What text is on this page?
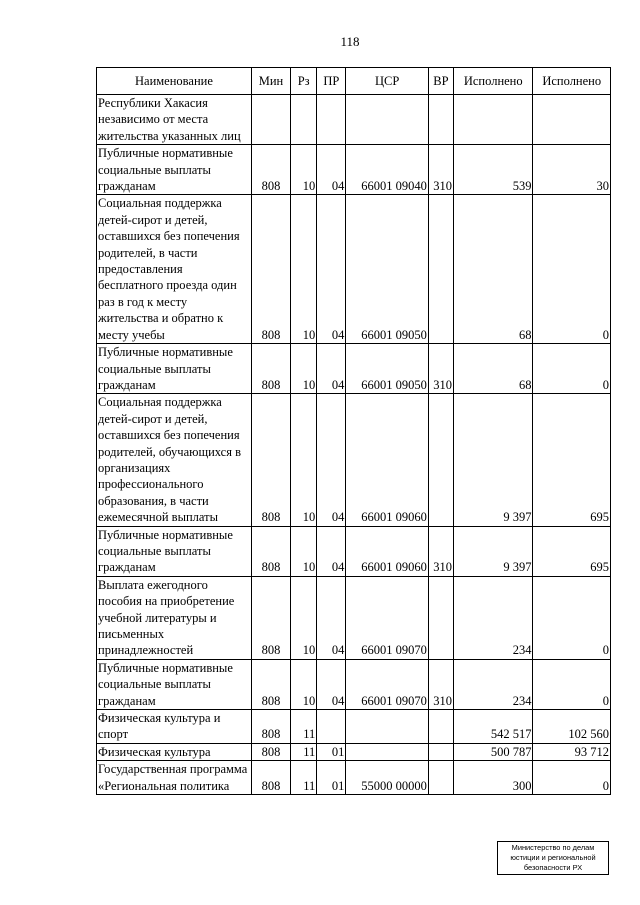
118
Наименование	Мин	Рз	ПР	ЦСР	ВР	Исполнено	Исполнено
Республики Хакасия независимо от места жительства указанных лиц							
Публичные нормативные социальные выплаты гражданам	808	10	04	66001 09040	310	539	30
Социальная поддержка детей-сирот и детей, оставшихся без попечения родителей, в части предоставления бесплатного проезда один раз в год к месту жительства и обратно к месту учебы	808	10	04	66001 09050		68	0
Публичные нормативные социальные выплаты гражданам	808	10	04	66001 09050	310	68	0
Социальная поддержка детей-сирот и детей, оставшихся без попечения родителей, обучающихся в организациях профессионального образования, в части ежемесячной выплаты	808	10	04	66001 09060		9 397	695
Публичные нормативные социальные выплаты гражданам	808	10	04	66001 09060	310	9 397	695
Выплата ежегодного пособия на приобретение учебной литературы и письменных принадлежностей	808	10	04	66001 09070		234	0
Публичные нормативные социальные выплаты гражданам	808	10	04	66001 09070	310	234	0
Физическая культура и спорт	808	11				542 517	102 560
Физическая культура	808	11	01			500 787	93 712
Государственная программа «Региональная политика	808	11	01	55000 00000		300	0
Министерство по делам
юстиции и региональной
безопасности РХ
